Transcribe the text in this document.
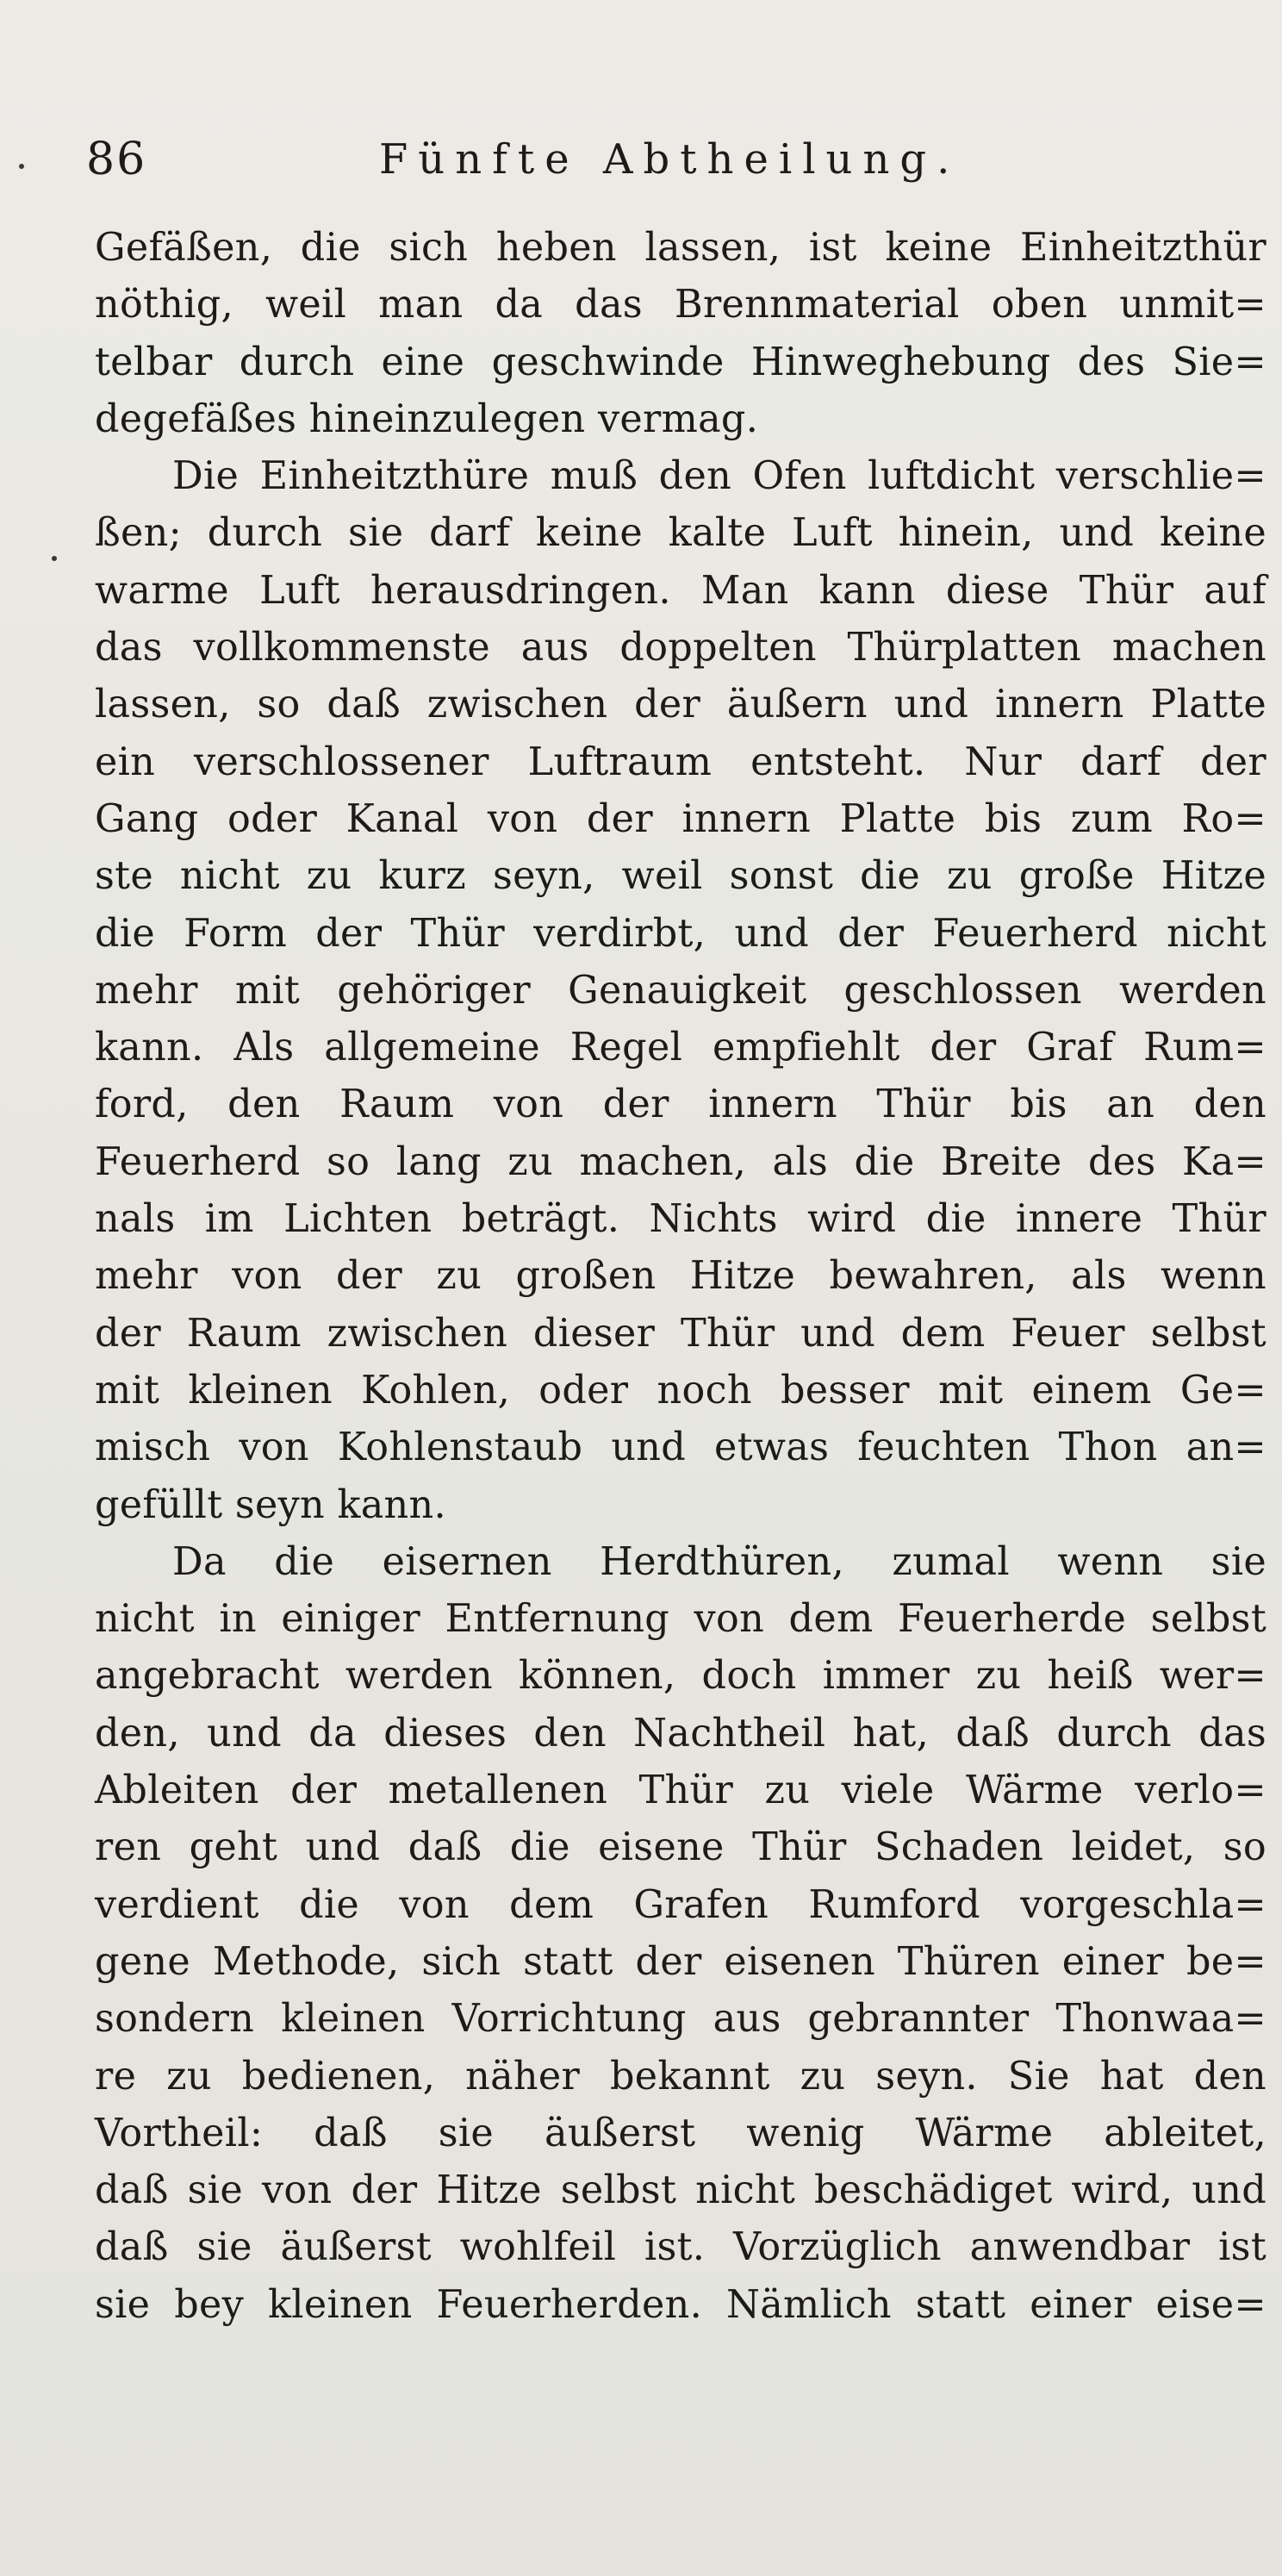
86	Fünfte Abtheilung.
Gefäßen, die sich heben lassen, ist keine Einheitzthür
nöthig, weil man da das Brennmaterial oben unmit=
telbar durch eine geschwinde Hinweghebung des Sie=
degefäßes hineinzulegen vermag.
Die Einheitzthüre muß den Ofen luftdicht verschlie=
ßen; durch sie darf keine kalte Luft hinein, und keine
warme Luft herausdringen. Man kann diese Thür auf
das vollkommenste aus doppelten Thürplatten machen
lassen, so daß zwischen der äußern und innern Platte
ein verschlossener Luftraum entsteht. Nur darf der
Gang oder Kanal von der innern Platte bis zum Ro=
ste nicht zu kurz seyn, weil sonst die zu große Hitze
die Form der Thür verdirbt, und der Feuerherd nicht
mehr mit gehöriger Genauigkeit geschlossen werden
kann. Als allgemeine Regel empfiehlt der Graf Rum=
ford, den Raum von der innern Thür bis an den
Feuerherd so lang zu machen, als die Breite des Ka=
nals im Lichten beträgt. Nichts wird die innere Thür
mehr von der zu großen Hitze bewahren, als wenn
der Raum zwischen dieser Thür und dem Feuer selbst
mit kleinen Kohlen, oder noch besser mit einem Ge=
misch von Kohlenstaub und etwas feuchten Thon an=
gefüllt seyn kann.
Da die eisernen Herdthüren, zumal wenn sie
nicht in einiger Entfernung von dem Feuerherde selbst
angebracht werden können, doch immer zu heiß wer=
den, und da dieses den Nachtheil hat, daß durch das
Ableiten der metallenen Thür zu viele Wärme verlo=
ren geht und daß die eisene Thür Schaden leidet, so
verdient die von dem Grafen Rumford vorgeschla=
gene Methode, sich statt der eisenen Thüren einer be=
sondern kleinen Vorrichtung aus gebrannter Thonwaa=
re zu bedienen, näher bekannt zu seyn. Sie hat den
Vortheil: daß sie äußerst wenig Wärme ableitet,
daß sie von der Hitze selbst nicht beschädiget wird, und
daß sie äußerst wohlfeil ist. Vorzüglich anwendbar ist
sie bey kleinen Feuerherden. Nämlich statt einer eise=
